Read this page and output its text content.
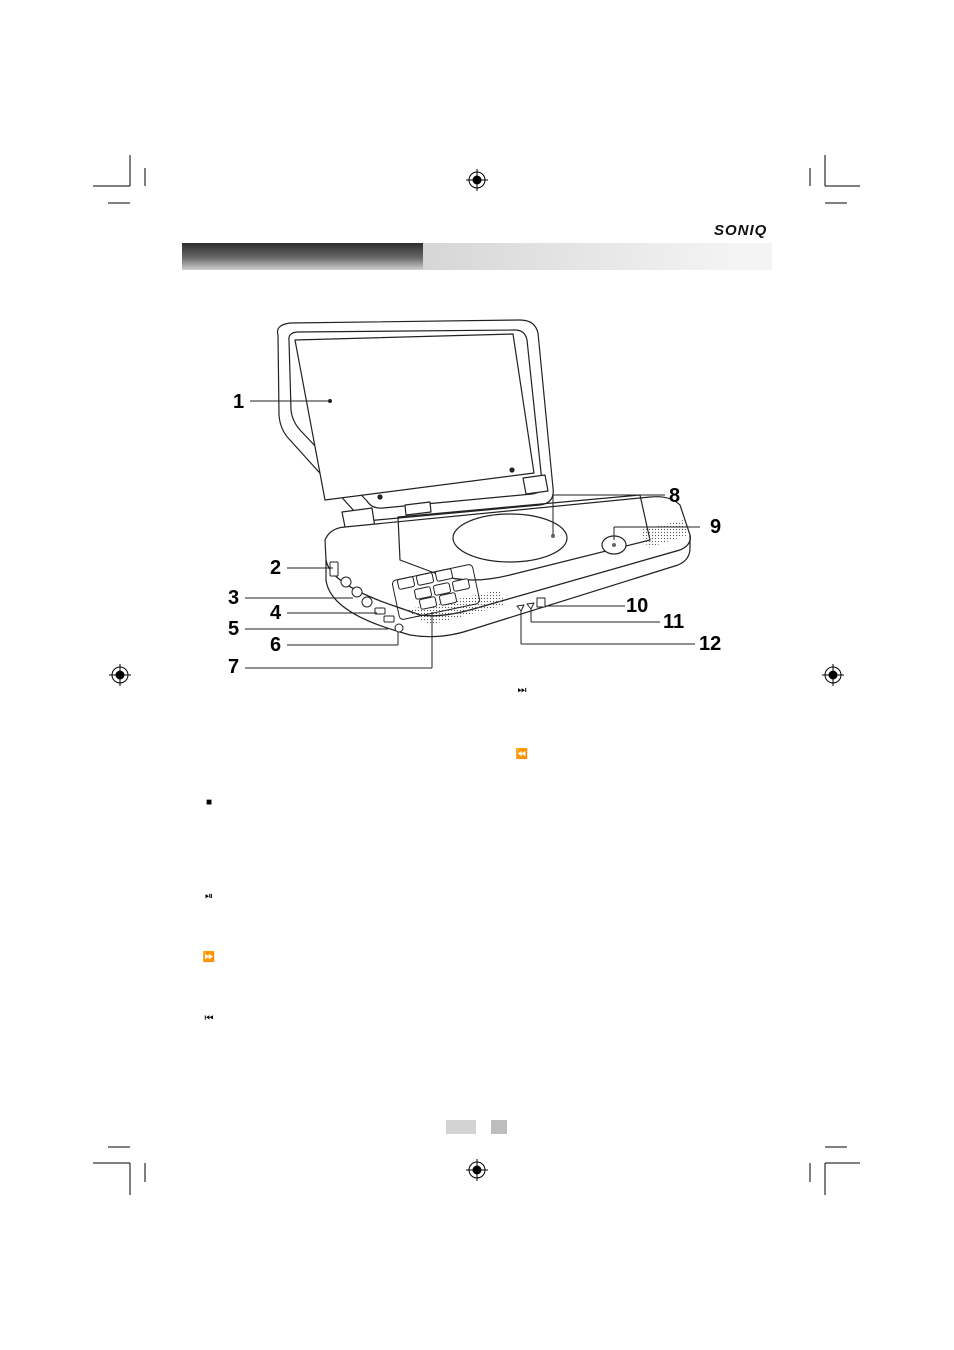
SONIQ
1
2
3
4
5
6
7
8
9
10
11
12
⏭
⏪
■
⏯
⏩
⏮
